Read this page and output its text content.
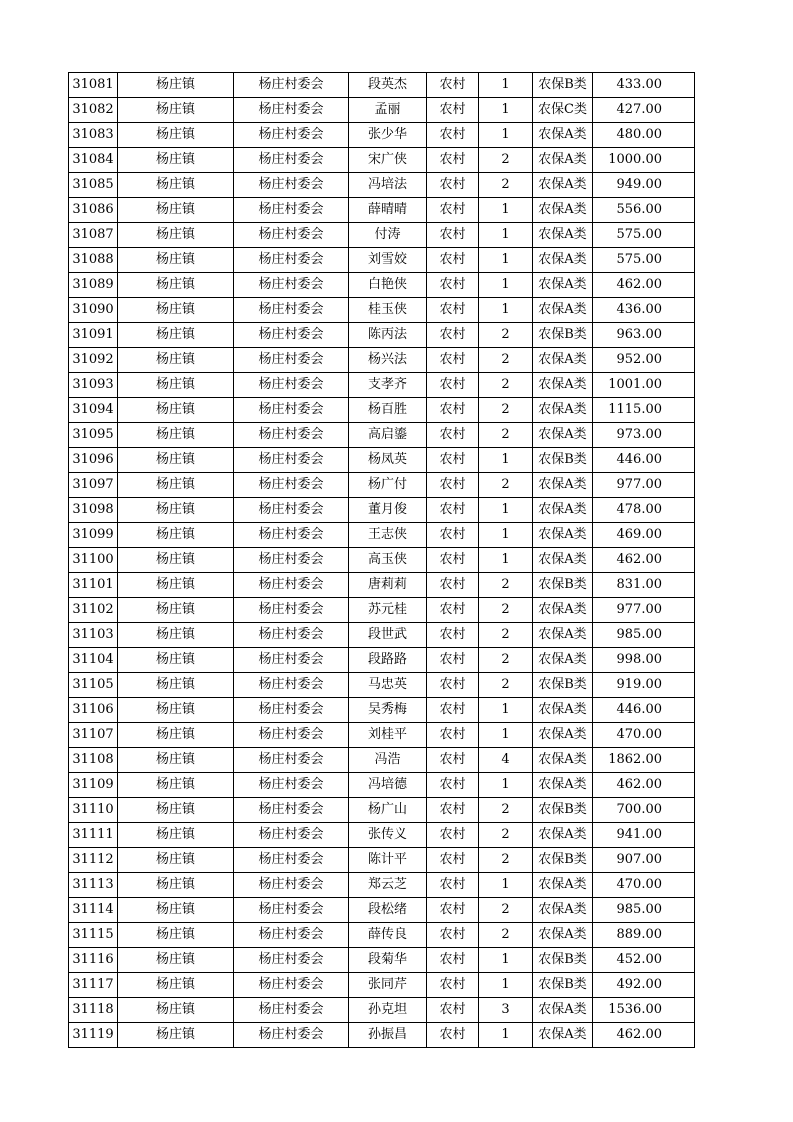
31081	杨庄镇	杨庄村委会	段英杰	农村	1	农保B类	433.00
31082	杨庄镇	杨庄村委会	孟丽	农村	1	农保C类	427.00
31083	杨庄镇	杨庄村委会	张少华	农村	1	农保A类	480.00
31084	杨庄镇	杨庄村委会	宋广侠	农村	2	农保A类	1000.00
31085	杨庄镇	杨庄村委会	冯培法	农村	2	农保A类	949.00
31086	杨庄镇	杨庄村委会	薛晴晴	农村	1	农保A类	556.00
31087	杨庄镇	杨庄村委会	付涛	农村	1	农保A类	575.00
31088	杨庄镇	杨庄村委会	刘雪姣	农村	1	农保A类	575.00
31089	杨庄镇	杨庄村委会	白艳侠	农村	1	农保A类	462.00
31090	杨庄镇	杨庄村委会	桂玉侠	农村	1	农保A类	436.00
31091	杨庄镇	杨庄村委会	陈丙法	农村	2	农保B类	963.00
31092	杨庄镇	杨庄村委会	杨兴法	农村	2	农保A类	952.00
31093	杨庄镇	杨庄村委会	支孝齐	农村	2	农保A类	1001.00
31094	杨庄镇	杨庄村委会	杨百胜	农村	2	农保A类	1115.00
31095	杨庄镇	杨庄村委会	高启鎏	农村	2	农保A类	973.00
31096	杨庄镇	杨庄村委会	杨凤英	农村	1	农保B类	446.00
31097	杨庄镇	杨庄村委会	杨广付	农村	2	农保A类	977.00
31098	杨庄镇	杨庄村委会	董月俊	农村	1	农保A类	478.00
31099	杨庄镇	杨庄村委会	王志侠	农村	1	农保A类	469.00
31100	杨庄镇	杨庄村委会	高玉侠	农村	1	农保A类	462.00
31101	杨庄镇	杨庄村委会	唐莉莉	农村	2	农保B类	831.00
31102	杨庄镇	杨庄村委会	苏元桂	农村	2	农保A类	977.00
31103	杨庄镇	杨庄村委会	段世武	农村	2	农保A类	985.00
31104	杨庄镇	杨庄村委会	段路路	农村	2	农保A类	998.00
31105	杨庄镇	杨庄村委会	马忠英	农村	2	农保B类	919.00
31106	杨庄镇	杨庄村委会	吴秀梅	农村	1	农保A类	446.00
31107	杨庄镇	杨庄村委会	刘桂平	农村	1	农保A类	470.00
31108	杨庄镇	杨庄村委会	冯浩	农村	4	农保A类	1862.00
31109	杨庄镇	杨庄村委会	冯培德	农村	1	农保A类	462.00
31110	杨庄镇	杨庄村委会	杨广山	农村	2	农保B类	700.00
31111	杨庄镇	杨庄村委会	张传义	农村	2	农保A类	941.00
31112	杨庄镇	杨庄村委会	陈计平	农村	2	农保B类	907.00
31113	杨庄镇	杨庄村委会	郑云芝	农村	1	农保A类	470.00
31114	杨庄镇	杨庄村委会	段松绪	农村	2	农保A类	985.00
31115	杨庄镇	杨庄村委会	薛传良	农村	2	农保A类	889.00
31116	杨庄镇	杨庄村委会	段菊华	农村	1	农保B类	452.00
31117	杨庄镇	杨庄村委会	张同芹	农村	1	农保B类	492.00
31118	杨庄镇	杨庄村委会	孙克坦	农村	3	农保A类	1536.00
31119	杨庄镇	杨庄村委会	孙振昌	农村	1	农保A类	462.00
